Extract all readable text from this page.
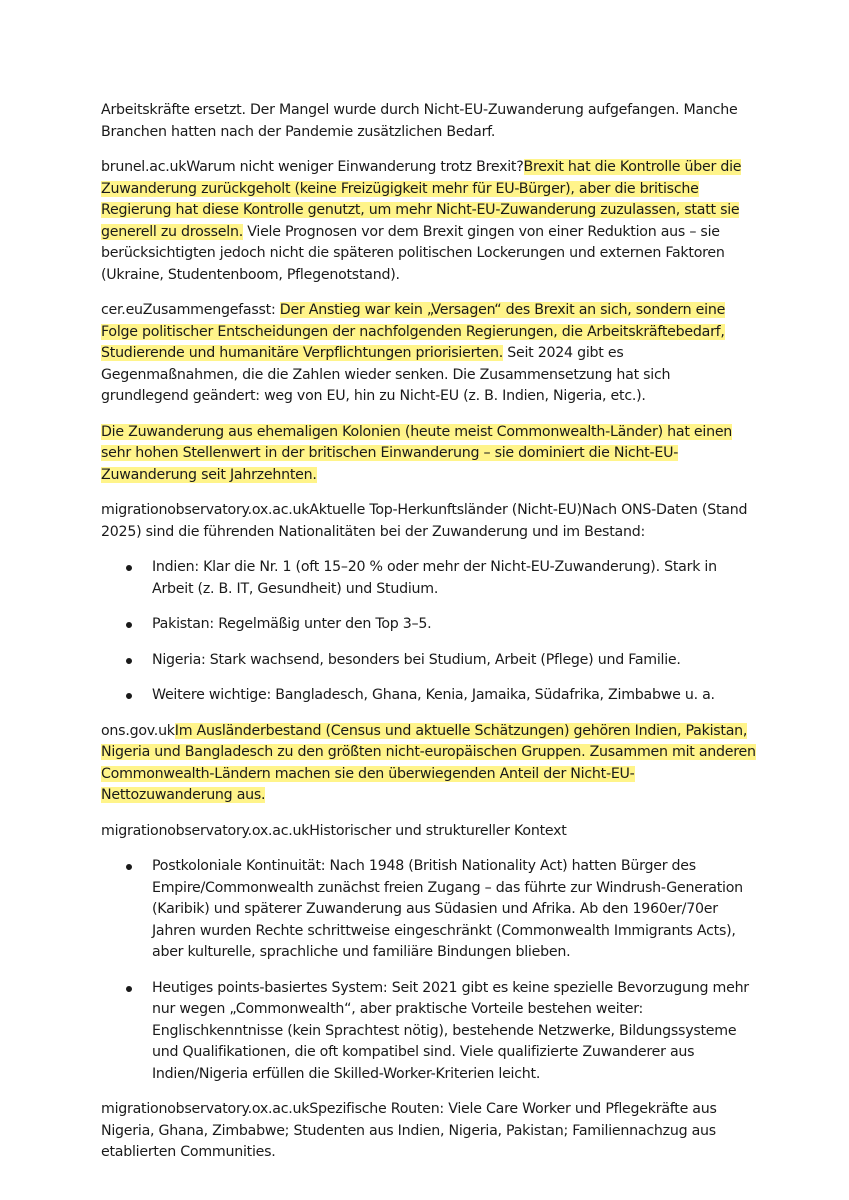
Arbeitskräfte ersetzt. Der Mangel wurde durch Nicht-EU-Zuwanderung aufgefangen. Manche Branchen hatten nach der Pandemie zusätzlichen Bedarf.

brunel.ac.ukWarum nicht weniger Einwanderung trotz Brexit?Brexit hat die Kontrolle über die Zuwanderung zurückgeholt (keine Freizügigkeit mehr für EU-Bürger), aber die britische Regierung hat diese Kontrolle genutzt, um mehr Nicht-EU-Zuwanderung zuzulassen, statt sie generell zu drosseln. Viele Prognosen vor dem Brexit gingen von einer Reduktion aus – sie berücksichtigten jedoch nicht die späteren politischen Lockerungen und externen Faktoren (Ukraine, Studentenboom, Pflegenotstand).

cer.euZusammengefasst: Der Anstieg war kein „Versagen“ des Brexit an sich, sondern eine Folge politischer Entscheidungen der nachfolgenden Regierungen, die Arbeitskräftebedarf, Studierende und humanitäre Verpflichtungen priorisierten. Seit 2024 gibt es Gegenmaßnahmen, die die Zahlen wieder senken. Die Zusammensetzung hat sich grundlegend geändert: weg von EU, hin zu Nicht-EU (z. B. Indien, Nigeria, etc.).

Die Zuwanderung aus ehemaligen Kolonien (heute meist Commonwealth-Länder) hat einen sehr hohen Stellenwert in der britischen Einwanderung – sie dominiert die Nicht-EU-Zuwanderung seit Jahrzehnten.

migrationobservatory.ox.ac.ukAktuelle Top-Herkunftsländer (Nicht-EU)Nach ONS-Daten (Stand 2025) sind die führenden Nationalitäten bei der Zuwanderung und im Bestand:

Indien: Klar die Nr. 1 (oft 15–20 % oder mehr der Nicht-EU-Zuwanderung). Stark in Arbeit (z. B. IT, Gesundheit) und Studium.
Pakistan: Regelmäßig unter den Top 3–5.
Nigeria: Stark wachsend, besonders bei Studium, Arbeit (Pflege) und Familie.
Weitere wichtige: Bangladesch, Ghana, Kenia, Jamaika, Südafrika, Zimbabwe u. a.

ons.gov.ukIm Ausländerbestand (Census und aktuelle Schätzungen) gehören Indien, Pakistan, Nigeria und Bangladesch zu den größten nicht-europäischen Gruppen. Zusammen mit anderen Commonwealth-Ländern machen sie den überwiegenden Anteil der Nicht-EU-Nettozuwanderung aus.

migrationobservatory.ox.ac.ukHistorischer und struktureller Kontext

Postkoloniale Kontinuität: Nach 1948 (British Nationality Act) hatten Bürger des Empire/Commonwealth zunächst freien Zugang – das führte zur Windrush-Generation (Karibik) und späterer Zuwanderung aus Südasien und Afrika. Ab den 1960er/70er Jahren wurden Rechte schrittweise eingeschränkt (Commonwealth Immigrants Acts), aber kulturelle, sprachliche und familiäre Bindungen blieben.
Heutiges points-basiertes System: Seit 2021 gibt es keine spezielle Bevorzugung mehr nur wegen „Commonwealth“, aber praktische Vorteile bestehen weiter: Englischkenntnisse (kein Sprachtest nötig), bestehende Netzwerke, Bildungssysteme und Qualifikationen, die oft kompatibel sind. Viele qualifizierte Zuwanderer aus Indien/Nigeria erfüllen die Skilled-Worker-Kriterien leicht.

migrationobservatory.ox.ac.ukSpezifische Routen: Viele Care Worker und Pflegekräfte aus Nigeria, Ghana, Zimbabwe; Studenten aus Indien, Nigeria, Pakistan; Familiennachzug aus etablierten Communities.
